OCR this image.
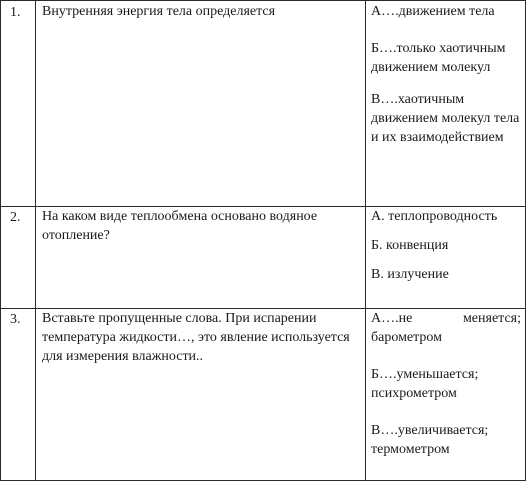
1.	Внутренняя энергия тела определяется	А….движением тела

Б….только хаотичным движением молекул

В….хаотичным движением молекул тела и их взаимодействием

2.	На каком виде теплообмена основано водяное отопление?	А. теплопроводность

Б. конвенция

В. излучение

3.	Вставьте пропущенные слова. При испарении температура жидкости…, это явление используется для измерения влажности..	А….не меняется; барометром

Б….уменьшается; психрометром

В….увеличивается; термометром
